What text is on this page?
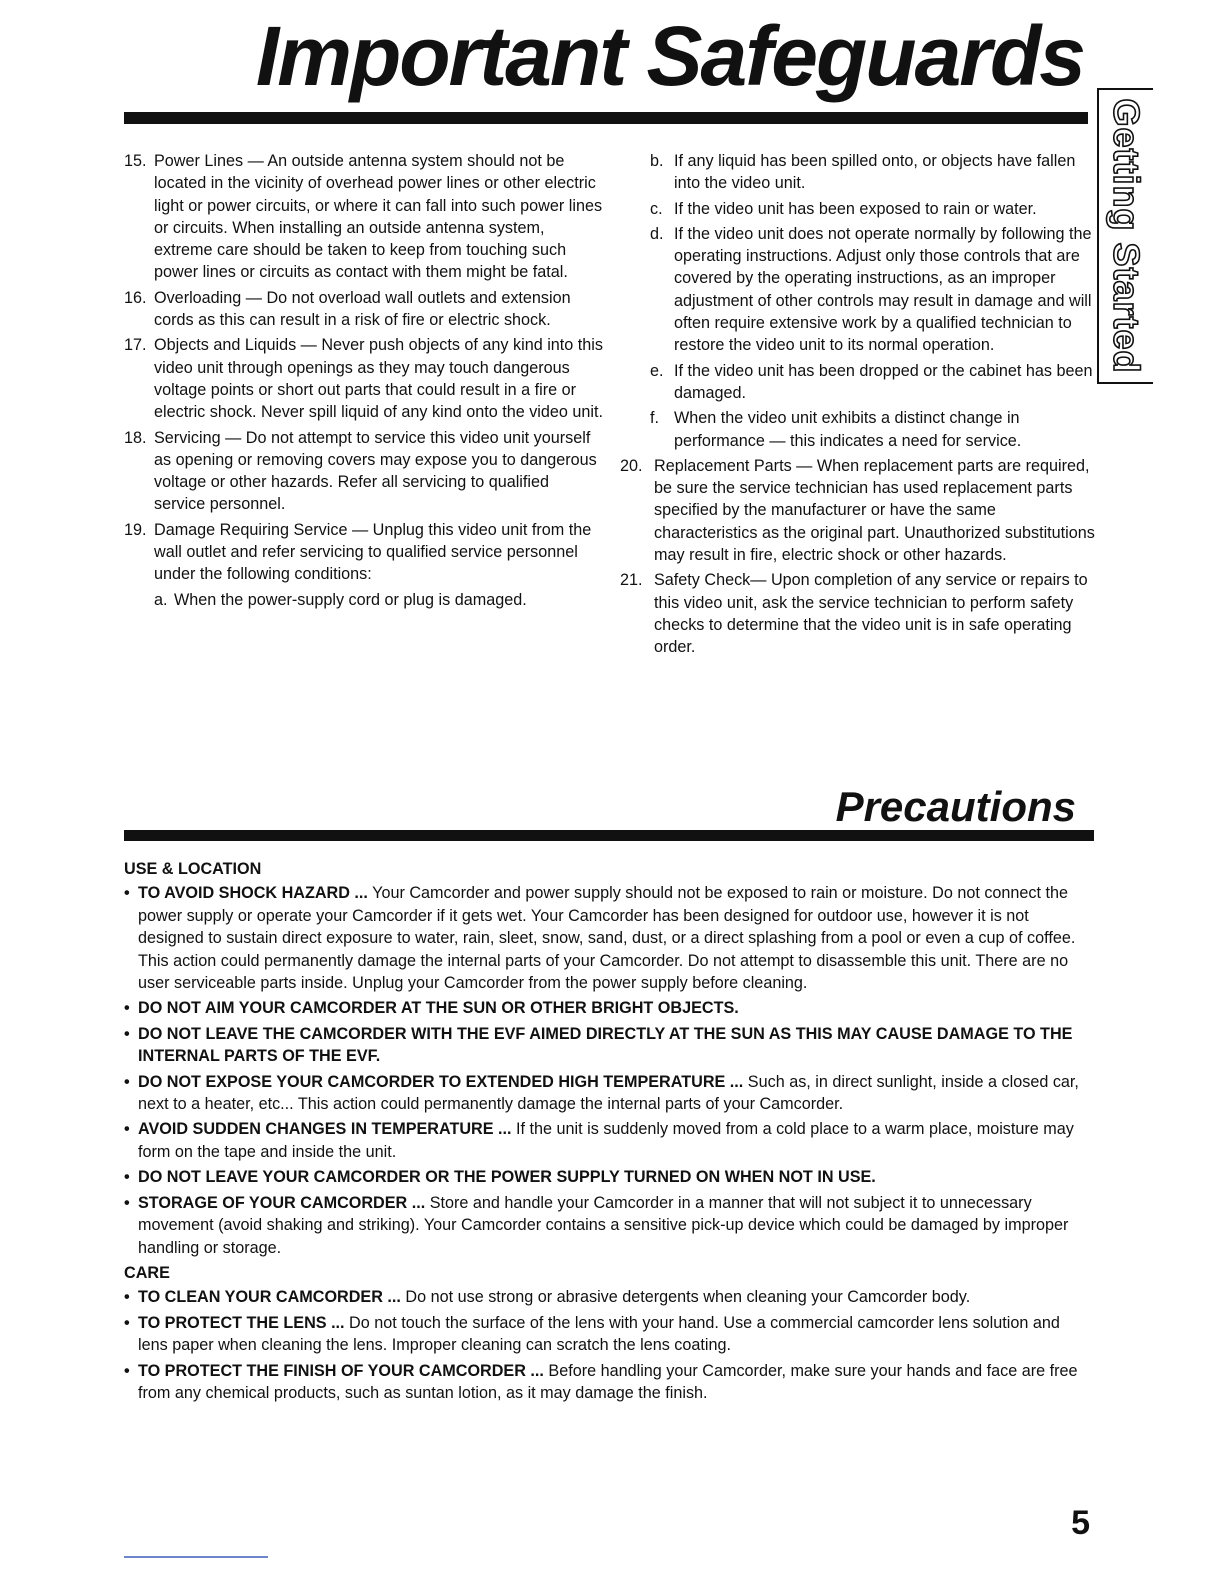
Important Safeguards
Getting Started
15. Power Lines — An outside antenna system should not be located in the vicinity of overhead power lines or other electric light or power circuits, or where it can fall into such power lines or circuits. When installing an outside antenna system, extreme care should be taken to keep from touching such power lines or circuits as contact with them might be fatal.
16. Overloading — Do not overload wall outlets and extension cords as this can result in a risk of fire or electric shock.
17. Objects and Liquids — Never push objects of any kind into this video unit through openings as they may touch dangerous voltage points or short out parts that could result in a fire or electric shock. Never spill liquid of any kind onto the video unit.
18. Servicing — Do not attempt to service this video unit yourself as opening or removing covers may expose you to dangerous voltage or other hazards. Refer all servicing to qualified service personnel.
19. Damage Requiring Service — Unplug this video unit from the wall outlet and refer servicing to qualified service personnel under the following conditions:
a. When the power-supply cord or plug is damaged.
b. If any liquid has been spilled onto, or objects have fallen into the video unit.
c. If the video unit has been exposed to rain or water.
d. If the video unit does not operate normally by following the operating instructions. Adjust only those controls that are covered by the operating instructions, as an improper adjustment of other controls may result in damage and will often require extensive work by a qualified technician to restore the video unit to its normal operation.
e. If the video unit has been dropped or the cabinet has been damaged.
f. When the video unit exhibits a distinct change in performance — this indicates a need for service.
20. Replacement Parts — When replacement parts are required, be sure the service technician has used replacement parts specified by the manufacturer or have the same characteristics as the original part. Unauthorized substitutions may result in fire, electric shock or other hazards.
21. Safety Check— Upon completion of any service or repairs to this video unit, ask the service technician to perform safety checks to determine that the video unit is in safe operating order.
Precautions
USE & LOCATION
• TO AVOID SHOCK HAZARD ... Your Camcorder and power supply should not be exposed to rain or moisture. Do not connect the power supply or operate your Camcorder if it gets wet. Your Camcorder has been designed for outdoor use, however it is not designed to sustain direct exposure to water, rain, sleet, snow, sand, dust, or a direct splashing from a pool or even a cup of coffee. This action could permanently damage the internal parts of your Camcorder. Do not attempt to disassemble this unit. There are no user serviceable parts inside. Unplug your Camcorder from the power supply before cleaning.
• DO NOT AIM YOUR CAMCORDER AT THE SUN OR OTHER BRIGHT OBJECTS.
• DO NOT LEAVE THE CAMCORDER WITH THE EVF AIMED DIRECTLY AT THE SUN AS THIS MAY CAUSE DAMAGE TO THE INTERNAL PARTS OF THE EVF.
• DO NOT EXPOSE YOUR CAMCORDER TO EXTENDED HIGH TEMPERATURE ... Such as, in direct sunlight, inside a closed car, next to a heater, etc... This action could permanently damage the internal parts of your Camcorder.
• AVOID SUDDEN CHANGES IN TEMPERATURE ... If the unit is suddenly moved from a cold place to a warm place, moisture may form on the tape and inside the unit.
• DO NOT LEAVE YOUR CAMCORDER OR THE POWER SUPPLY TURNED ON WHEN NOT IN USE.
• STORAGE OF YOUR CAMCORDER ... Store and handle your Camcorder in a manner that will not subject it to unnecessary movement (avoid shaking and striking). Your Camcorder contains a sensitive pick-up device which could be damaged by improper handling or storage.
CARE
• TO CLEAN YOUR CAMCORDER ... Do not use strong or abrasive detergents when cleaning your Camcorder body.
• TO PROTECT THE LENS ... Do not touch the surface of the lens with your hand. Use a commercial camcorder lens solution and lens paper when cleaning the lens. Improper cleaning can scratch the lens coating.
• TO PROTECT THE FINISH OF YOUR CAMCORDER ... Before handling your Camcorder, make sure your hands and face are free from any chemical products, such as suntan lotion, as it may damage the finish.
5
